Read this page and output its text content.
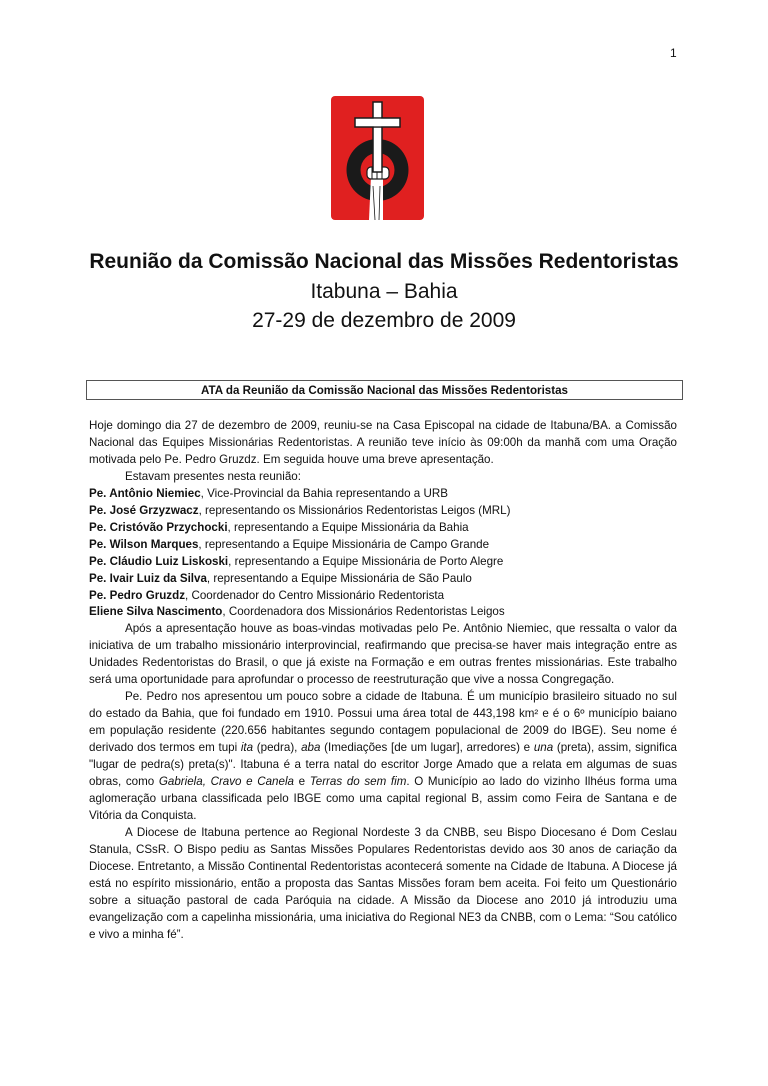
1
Reunião da Comissão Nacional das Missões Redentoristas
Itabuna – Bahia
27-29 de dezembro de 2009
ATA da Reunião da Comissão Nacional das Missões Redentoristas

Hoje domingo dia 27 de dezembro de 2009, reuniu-se na Casa Episcopal na cidade de Itabuna/BA. a Comissão Nacional das Equipes Missionárias Redentoristas. A reunião teve início às 09:00h da manhã com uma Oração motivada pelo Pe. Pedro Gruzdz. Em seguida houve uma breve apresentação.

Estavam presentes nesta reunião:

Pe. Antônio Niemiec, Vice-Provincial da Bahia representando a URB
Pe. José Grzyzwacz, representando os Missionários Redentoristas Leigos (MRL)
Pe. Cristóvão Przychocki, representando a Equipe Missionária da Bahia
Pe. Wilson Marques, representando a Equipe Missionária de Campo Grande
Pe. Cláudio Luiz Liskoski, representando a Equipe Missionária de Porto Alegre
Pe. Ivair Luiz da Silva, representando a Equipe Missionária de São Paulo
Pe. Pedro Gruzdz, Coordenador do Centro Missionário Redentorista
Eliene Silva Nascimento, Coordenadora dos Missionários Redentoristas Leigos

Após a apresentação houve as boas-vindas motivadas pelo Pe. Antônio Niemiec, que ressalta o valor da iniciativa de um trabalho missionário interprovincial, reafirmando que precisa-se haver mais integração entre as Unidades Redentoristas do Brasil, o que já existe na Formação e em outras frentes missionárias. Este trabalho será uma oportunidade para aprofundar o processo de reestruturação que vive a nossa Congregação.

Pe. Pedro nos apresentou um pouco sobre a cidade de Itabuna. É um município brasileiro situado no sul do estado da Bahia, que foi fundado em 1910. Possui uma área total de 443,198 km² e é o 6º município baiano em população residente (220.656 habitantes segundo contagem populacional de 2009 do IBGE). Seu nome é derivado dos termos em tupi ita (pedra), aba (Imediações [de um lugar], arredores) e una (preta), assim, significa "lugar de pedra(s) preta(s)". Itabuna é a terra natal do escritor Jorge Amado que a relata em algumas de suas obras, como Gabriela, Cravo e Canela e Terras do sem fim. O Município ao lado do vizinho Ilhéus forma uma aglomeração urbana classificada pelo IBGE como uma capital regional B, assim como Feira de Santana e de Vitória da Conquista.

A Diocese de Itabuna pertence ao Regional Nordeste 3 da CNBB, seu Bispo Diocesano é Dom Ceslau Stanula, CSsR. O Bispo pediu as Santas Missões Populares Redentoristas devido aos 30 anos de cariação da Diocese. Entretanto, a Missão Continental Redentoristas acontecerá somente na Cidade de Itabuna. A Diocese já está no espírito missionário, então a proposta das Santas Missões foram bem aceita. Foi feito um Questionário sobre a situação pastoral de cada Paróquia na cidade. A Missão da Diocese ano 2010 já introduziu uma evangelização com a capelinha missionária, uma iniciativa do Regional NE3 da CNBB, com o Lema: “Sou católico e vivo a minha fé”.
